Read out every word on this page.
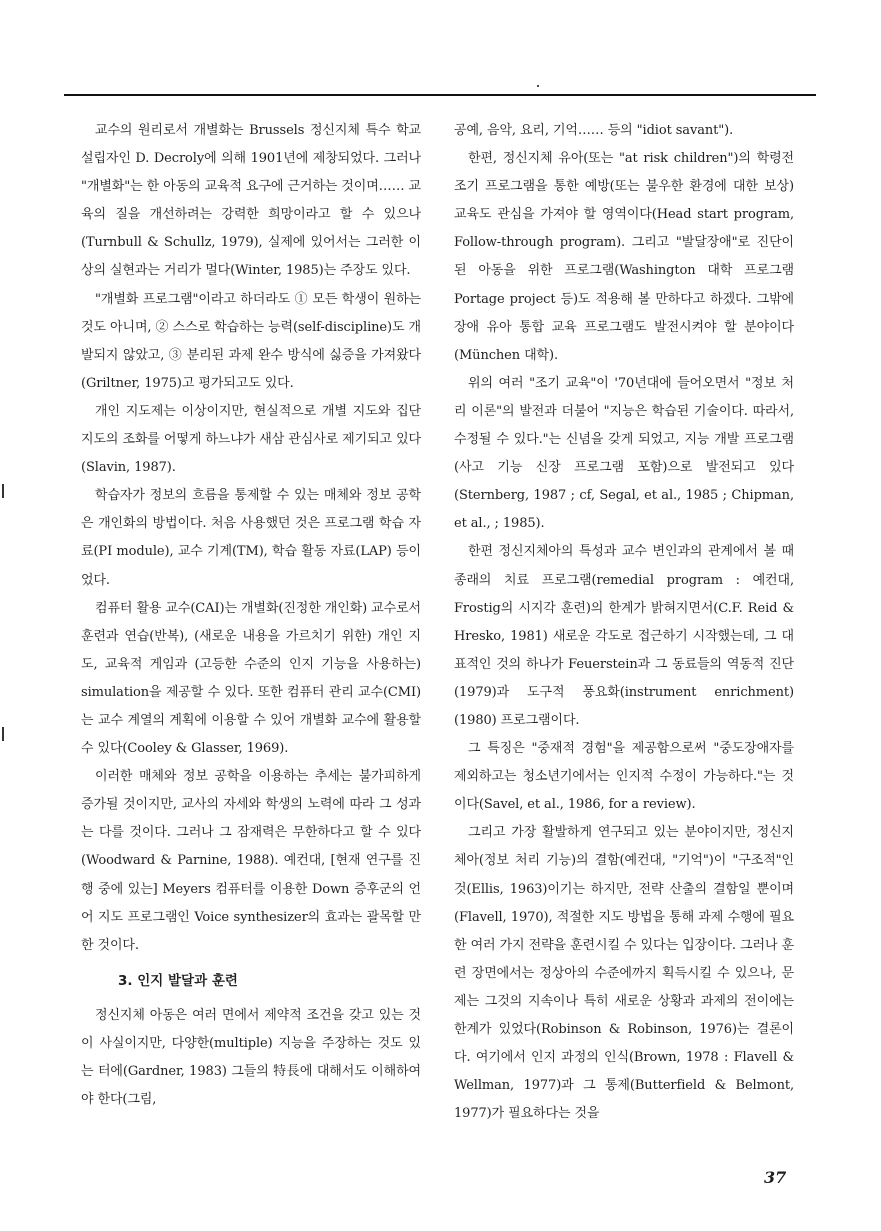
교수의 원리로서 개별화는 Brussels 정신지체 특수 학교 설립자인 D. Decroly에 의해 1901년에 제창되었다. 그러나 "개별화"는 한 아동의 교육적 요구에 근거하는 것이며…… 교육의 질을 개선하려는 강력한 희망이라고 할 수 있으나(Turnbull & Schullz, 1979), 실제에 있어서는 그러한 이상의 실현과는 거리가 멀다(Winter, 1985)는 주장도 있다.

"개별화 프로그램"이라고 하더라도 ① 모든 학생이 원하는 것도 아니며, ② 스스로 학습하는 능력(self-discipline)도 개발되지 않았고, ③ 분리된 과제 완수 방식에 싫증을 가져왔다(Griltner, 1975)고 평가되고도 있다.

개인 지도제는 이상이지만, 현실적으로 개별 지도와 집단 지도의 조화를 어떻게 하느냐가 새삼 관심사로 제기되고 있다(Slavin, 1987).

학습자가 정보의 흐름을 통제할 수 있는 매체와 정보 공학은 개인화의 방법이다. 처음 사용했던 것은 프로그램 학습 자료(PI module), 교수 기계(TM), 학습 활동 자료(LAP) 등이었다.

컴퓨터 활용 교수(CAI)는 개별화(진정한 개인화) 교수로서 훈련과 연습(반복), (새로운 내용을 가르치기 위한) 개인 지도, 교육적 게임과 (고등한 수준의 인지 기능을 사용하는) simulation을 제공할 수 있다. 또한 컴퓨터 관리 교수(CMI)는 교수 계열의 계획에 이용할 수 있어 개별화 교수에 활용할 수 있다(Cooley & Glasser, 1969).

이러한 매체와 정보 공학을 이용하는 추세는 불가피하게 증가될 것이지만, 교사의 자세와 학생의 노력에 따라 그 성과는 다를 것이다. 그러나 그 잠재력은 무한하다고 할 수 있다(Woodward & Parnine, 1988). 예컨대, [현재 연구를 진행 중에 있는] Meyers 컴퓨터를 이용한 Down 증후군의 언어 지도 프로그램인 Voice synthesizer의 효과는 괄목할 만한 것이다.

3. 인지 발달과 훈련

정신지체 아동은 여러 면에서 제약적 조건을 갖고 있는 것이 사실이지만, 다양한(multiple) 지능을 주장하는 것도 있는 터에(Gardner, 1983) 그들의 特長에 대해서도 이해하여야 한다(그림,

공예, 음악, 요리, 기억…… 등의 "idiot savant").

한편, 정신지체 유아(또는 "at risk children")의 학령전 조기 프로그램을 통한 예방(또는 불우한 환경에 대한 보상) 교육도 관심을 가져야 할 영역이다(Head start program, Follow-through program). 그리고 "발달장애"로 진단이 된 아동을 위한 프로그램(Washington 대학 프로그램 Portage project 등)도 적용해 볼 만하다고 하겠다. 그밖에 장애 유아 통합 교육 프로그램도 발전시켜야 할 분야이다(München 대학).

위의 여러 "조기 교육"이 '70년대에 들어오면서 "정보 처리 이론"의 발전과 더불어 "지능은 학습된 기술이다. 따라서, 수정될 수 있다."는 신념을 갖게 되었고, 지능 개발 프로그램(사고 기능 신장 프로그램 포함)으로 발전되고 있다(Sternberg, 1987 ; cf, Segal, et al., 1985 ; Chipman, et al., ; 1985).

한편 정신지체아의 특성과 교수 변인과의 관계에서 볼 때 종래의 치료 프로그램(remedial program : 예컨대, Frostig의 시지각 훈련)의 한계가 밝혀지면서(C.F. Reid & Hresko, 1981) 새로운 각도로 접근하기 시작했는데, 그 대표적인 것의 하나가 Feuerstein과 그 동료들의 역동적 진단(1979)과 도구적 풍요화(instrument enrichment) (1980) 프로그램이다.

그 특징은 "중재적 경험"을 제공함으로써 "중도장애자를 제외하고는 청소년기에서는 인지적 수정이 가능하다."는 것이다(Savel, et al., 1986, for a review).

그리고 가장 활발하게 연구되고 있는 분야이지만, 정신지체아(정보 처리 기능)의 결함(예컨대, "기억")이 "구조적"인 것(Ellis, 1963)이기는 하지만, 전략 산출의 결함일 뿐이며(Flavell, 1970), 적절한 지도 방법을 통해 과제 수행에 필요한 여러 가지 전략을 훈련시킬 수 있다는 입장이다. 그러나 훈련 장면에서는 정상아의 수준에까지 획득시킬 수 있으나, 문제는 그것의 지속이나 특히 새로운 상황과 과제의 전이에는 한계가 있었다(Robinson & Robinson, 1976)는 결론이다. 여기에서 인지 과정의 인식(Brown, 1978 : Flavell & Wellman, 1977)과 그 통제(Butterfield & Belmont, 1977)가 필요하다는 것을

37
